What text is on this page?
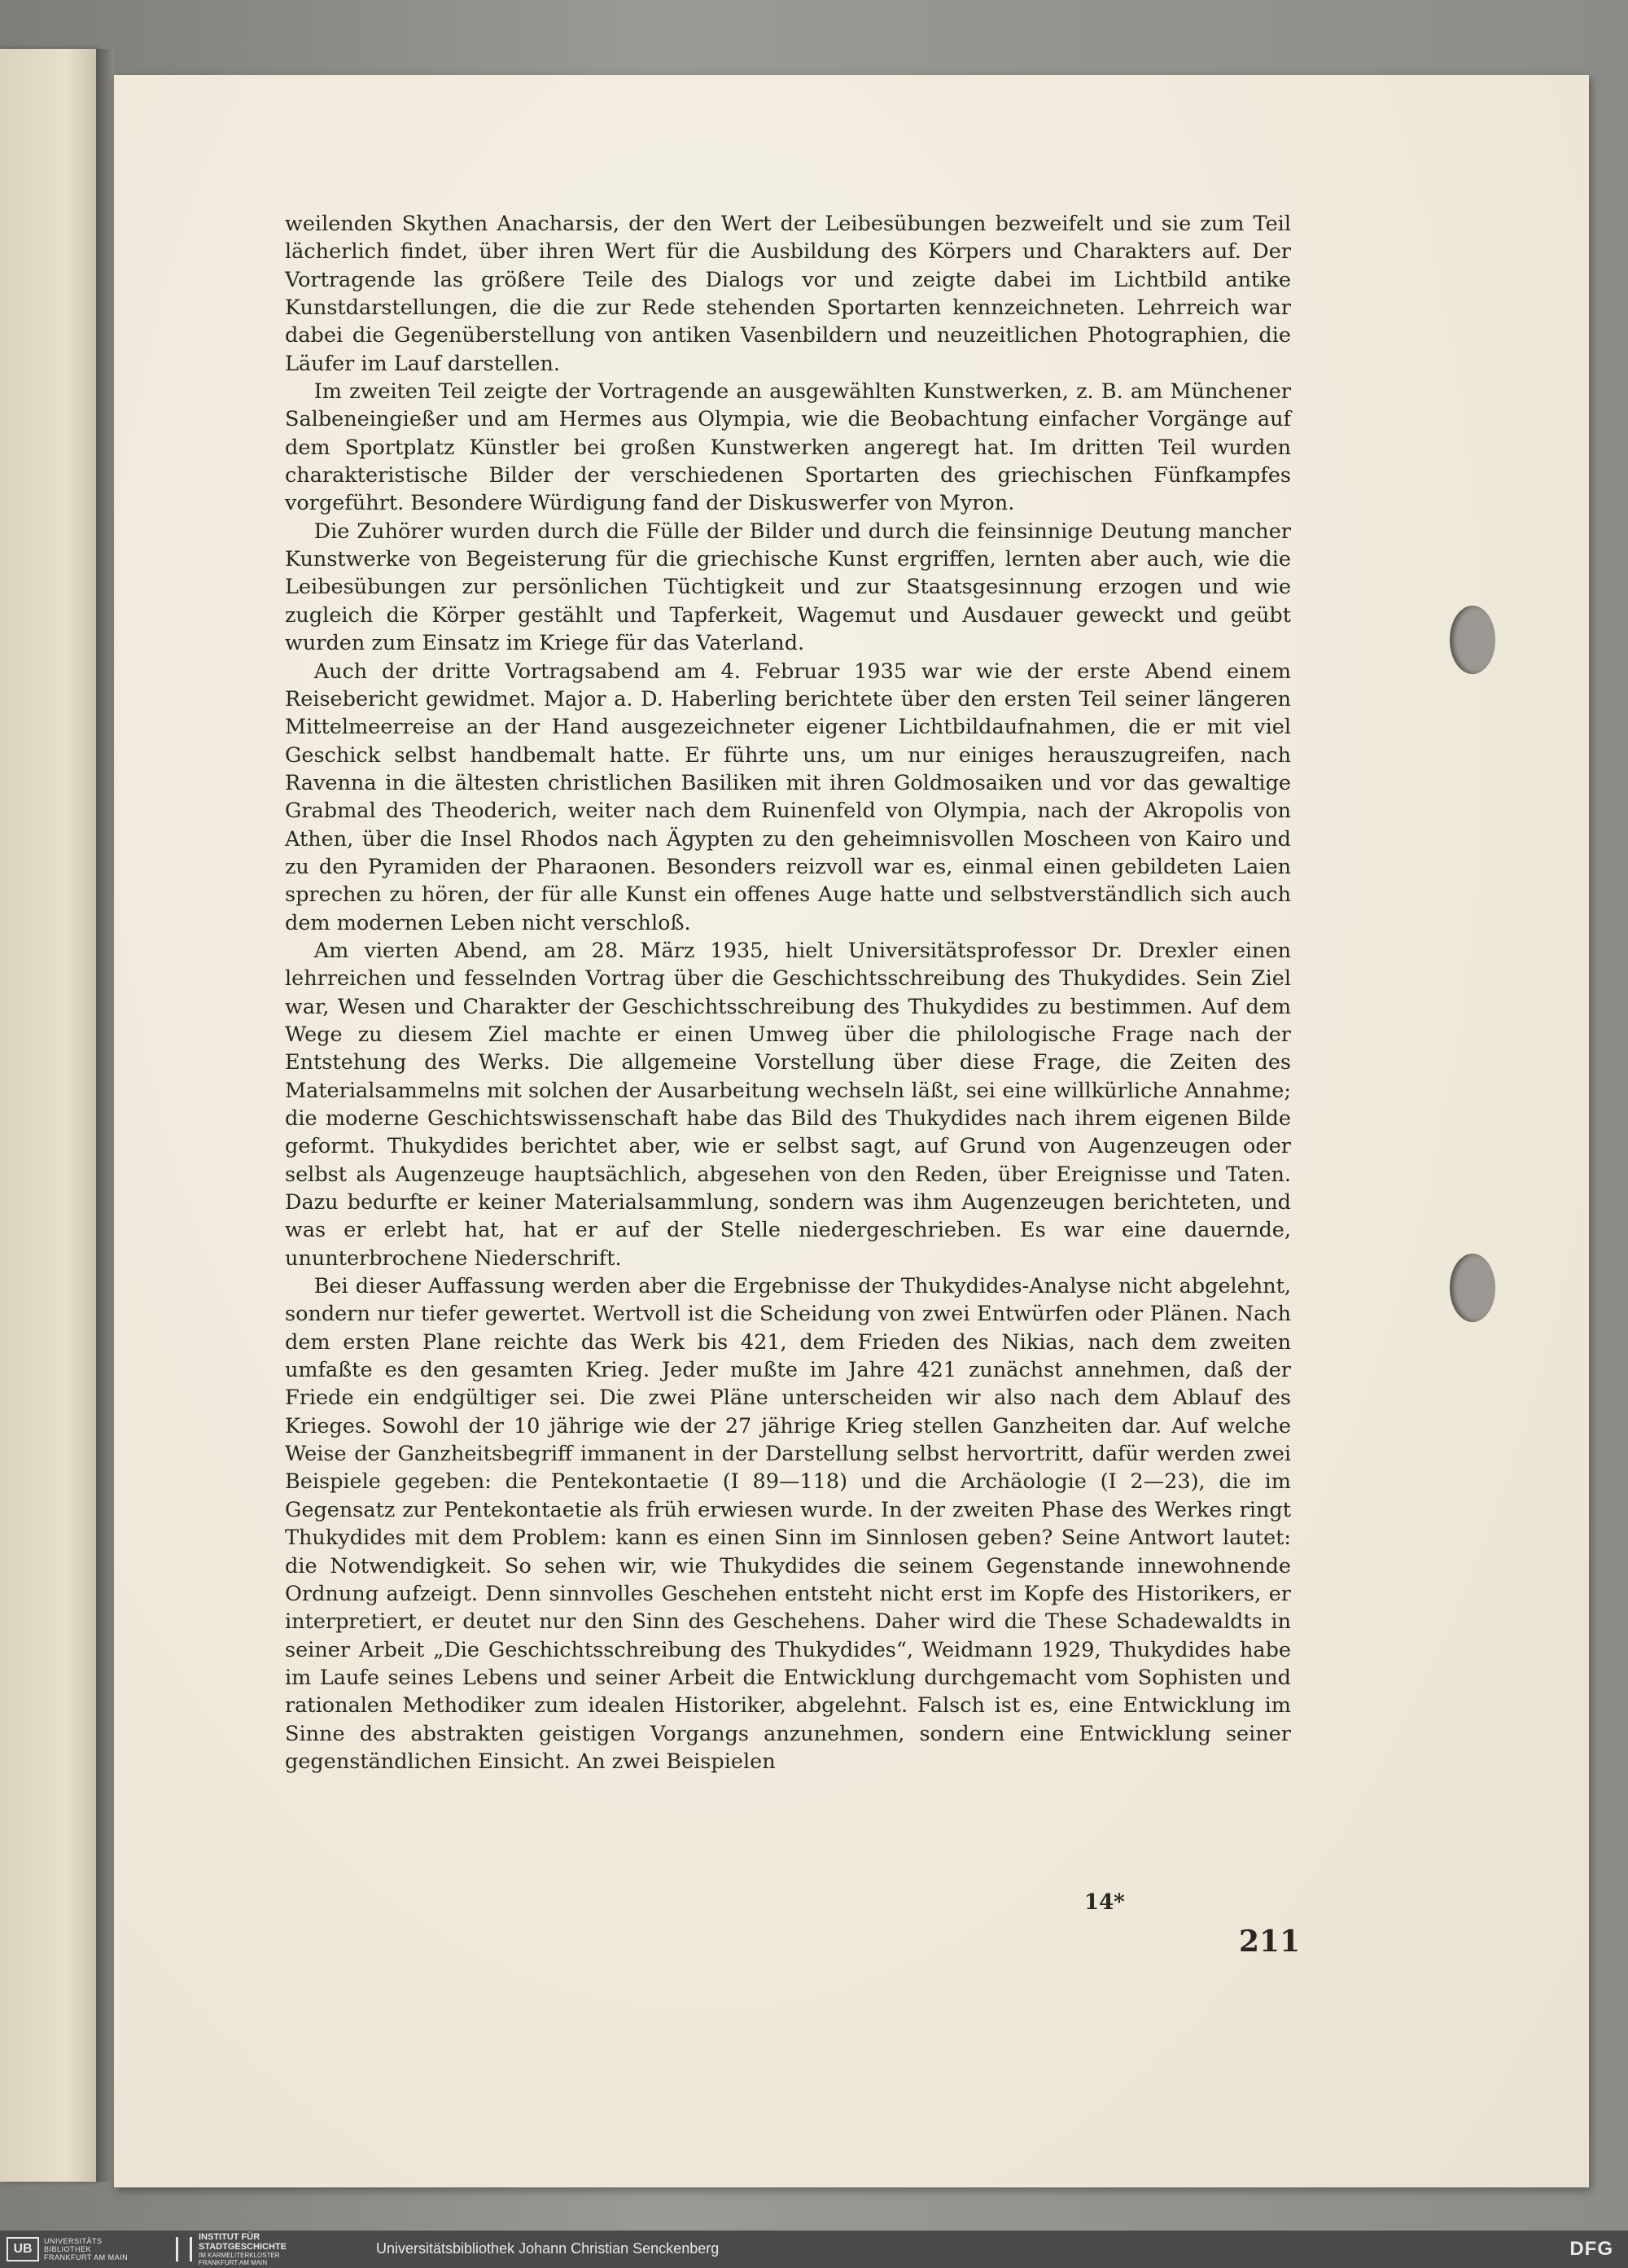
weilenden Skythen Anacharsis, der den Wert der Leibesübungen bezweifelt und sie zum Teil lächerlich findet, über ihren Wert für die Ausbildung des Körpers und Charakters auf. Der Vortragende las größere Teile des Dialogs vor und zeigte dabei im Lichtbild antike Kunstdarstellungen, die die zur Rede stehenden Sportarten kennzeichneten. Lehrreich war dabei die Gegenüberstellung von antiken Vasenbildern und neuzeitlichen Photographien, die Läufer im Lauf darstellen.

Im zweiten Teil zeigte der Vortragende an ausgewählten Kunstwerken, z. B. am Münchener Salbeneingießer und am Hermes aus Olympia, wie die Beobachtung einfacher Vorgänge auf dem Sportplatz Künstler bei großen Kunstwerken angeregt hat. Im dritten Teil wurden charakteristische Bilder der verschiedenen Sportarten des griechischen Fünfkampfes vorgeführt. Besondere Würdigung fand der Diskuswerfer von Myron.

Die Zuhörer wurden durch die Fülle der Bilder und durch die feinsinnige Deutung mancher Kunstwerke von Begeisterung für die griechische Kunst ergriffen, lernten aber auch, wie die Leibesübungen zur persönlichen Tüchtigkeit und zur Staatsgesinnung erzogen und wie zugleich die Körper gestählt und Tapferkeit, Wagemut und Ausdauer geweckt und geübt wurden zum Einsatz im Kriege für das Vaterland.

Auch der dritte Vortragsabend am 4. Februar 1935 war wie der erste Abend einem Reisebericht gewidmet. Major a. D. Haberling berichtete über den ersten Teil seiner längeren Mittelmeerreise an der Hand ausgezeichneter eigener Lichtbildaufnahmen, die er mit viel Geschick selbst handbemalt hatte. Er führte uns, um nur einiges herauszugreifen, nach Ravenna in die ältesten christlichen Basiliken mit ihren Goldmosaiken und vor das gewaltige Grabmal des Theoderich, weiter nach dem Ruinenfeld von Olympia, nach der Akropolis von Athen, über die Insel Rhodos nach Ägypten zu den geheimnisvollen Moscheen von Kairo und zu den Pyramiden der Pharaonen. Besonders reizvoll war es, einmal einen gebildeten Laien sprechen zu hören, der für alle Kunst ein offenes Auge hatte und selbstverständlich sich auch dem modernen Leben nicht verschloß.

Am vierten Abend, am 28. März 1935, hielt Universitätsprofessor Dr. Drexler einen lehrreichen und fesselnden Vortrag über die Geschichtsschreibung des Thukydides. Sein Ziel war, Wesen und Charakter der Geschichtsschreibung des Thukydides zu bestimmen. Auf dem Wege zu diesem Ziel machte er einen Umweg über die philologische Frage nach der Entstehung des Werks. Die allgemeine Vorstellung über diese Frage, die Zeiten des Materialsammelns mit solchen der Ausarbeitung wechseln läßt, sei eine willkürliche Annahme; die moderne Geschichtswissenschaft habe das Bild des Thukydides nach ihrem eigenen Bilde geformt. Thukydides berichtet aber, wie er selbst sagt, auf Grund von Augenzeugen oder selbst als Augenzeuge hauptsächlich, abgesehen von den Reden, über Ereignisse und Taten. Dazu bedurfte er keiner Materialsammlung, sondern was ihm Augenzeugen berichteten, und was er erlebt hat, hat er auf der Stelle niedergeschrieben. Es war eine dauernde, ununterbrochene Niederschrift.

Bei dieser Auffassung werden aber die Ergebnisse der Thukydides-Analyse nicht abgelehnt, sondern nur tiefer gewertet. Wertvoll ist die Scheidung von zwei Entwürfen oder Plänen. Nach dem ersten Plane reichte das Werk bis 421, dem Frieden des Nikias, nach dem zweiten umfaßte es den gesamten Krieg. Jeder mußte im Jahre 421 zunächst annehmen, daß der Friede ein endgültiger sei. Die zwei Pläne unterscheiden wir also nach dem Ablauf des Krieges. Sowohl der 10 jährige wie der 27 jährige Krieg stellen Ganzheiten dar. Auf welche Weise der Ganzheitsbegriff immanent in der Darstellung selbst hervortritt, dafür werden zwei Beispiele gegeben: die Pentekontaetie (I 89—118) und die Archäologie (I 2—23), die im Gegensatz zur Pentekontaetie als früh erwiesen wurde. In der zweiten Phase des Werkes ringt Thukydides mit dem Problem: kann es einen Sinn im Sinnlosen geben? Seine Antwort lautet: die Notwendigkeit. So sehen wir, wie Thukydides die seinem Gegenstande innewohnende Ordnung aufzeigt. Denn sinnvolles Geschehen entsteht nicht erst im Kopfe des Historikers, er interpretiert, er deutet nur den Sinn des Geschehens. Daher wird die These Schadewaldts in seiner Arbeit „Die Geschichtsschreibung des Thukydides“, Weidmann 1929, Thukydides habe im Laufe seines Lebens und seiner Arbeit die Entwicklung durchgemacht vom Sophisten und rationalen Methodiker zum idealen Historiker, abgelehnt. Falsch ist es, eine Entwicklung im Sinne des abstrakten geistigen Vorgangs anzunehmen, sondern eine Entwicklung seiner gegenständlichen Einsicht. An zwei Beispielen

14*
211
UB
UNIVERSITÄTS
BIBLIOTHEK
FRANKFURT AM MAIN
INSTITUT FÜR
STADTGESCHICHTE
IM KARMELITERKLOSTER
FRANKFURT AM MAIN
Universitätsbibliothek Johann Christian Senckenberg	DFG
